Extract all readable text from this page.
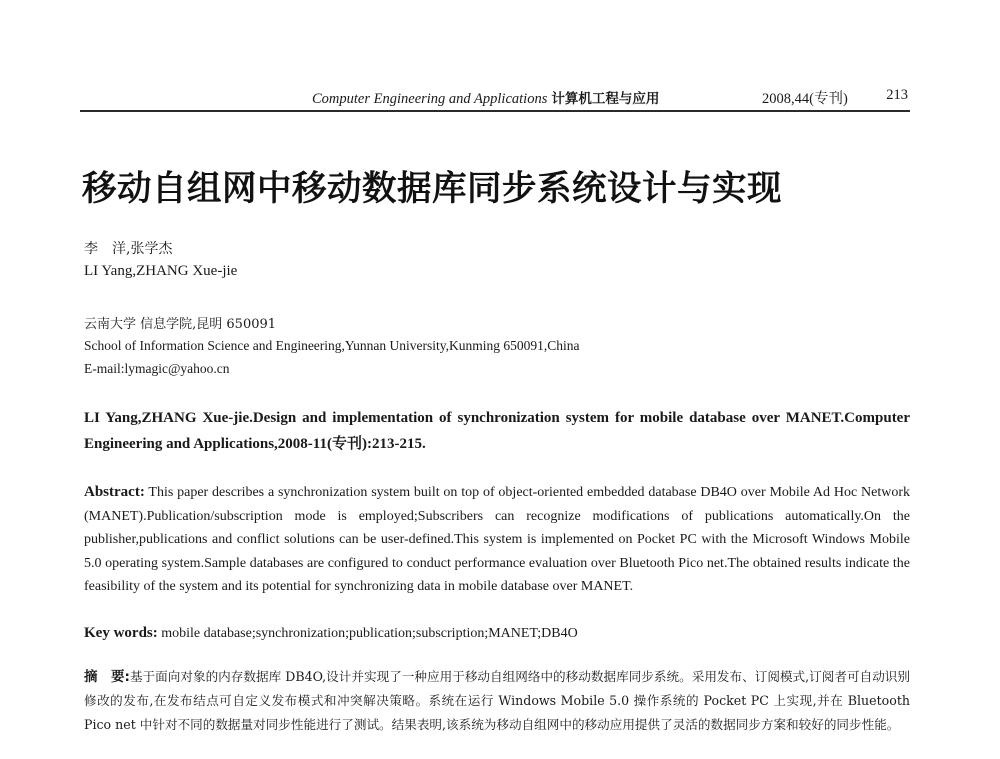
Computer Engineering and Applications 计算机工程与应用	2008,44(专刊)	213
移动自组网中移动数据库同步系统设计与实现
李　洋,张学杰
LI Yang,ZHANG Xue-jie
云南大学 信息学院,昆明 650091
School of Information Science and Engineering,Yunnan University,Kunming 650091,China
E-mail:lymagic@yahoo.cn
LI Yang,ZHANG Xue-jie.Design and implementation of synchronization system for mobile database over MANET.Computer Engineering and Applications,2008-11(专刊):213-215.
Abstract: This paper describes a synchronization system built on top of object-oriented embedded database DB4O over Mobile Ad Hoc Network (MANET).Publication/subscription mode is employed;Subscribers can recognize modifications of publications automatically.On the publisher,publications and conflict solutions can be user-defined.This system is implemented on Pocket PC with the Microsoft Windows Mobile 5.0 operating system.Sample databases are configured to conduct performance evaluation over Bluetooth Pico net.The obtained results indicate the feasibility of the system and its potential for synchronizing data in mobile database over MANET.
Key words: mobile database;synchronization;publication;subscription;MANET;DB4O
摘　要:基于面向对象的内存数据库 DB4O,设计并实现了一种应用于移动自组网络中的移动数据库同步系统。采用发布、订阅模式,订阅者可自动识别修改的发布,在发布结点可自定义发布模式和冲突解决策略。系统在运行 Windows Mobile 5.0 操作系统的 Pocket PC 上实现,并在 Bluetooth Pico net 中针对不同的数据量对同步性能进行了测试。结果表明,该系统为移动自组网中的移动应用提供了灵活的数据同步方案和较好的同步性能。
